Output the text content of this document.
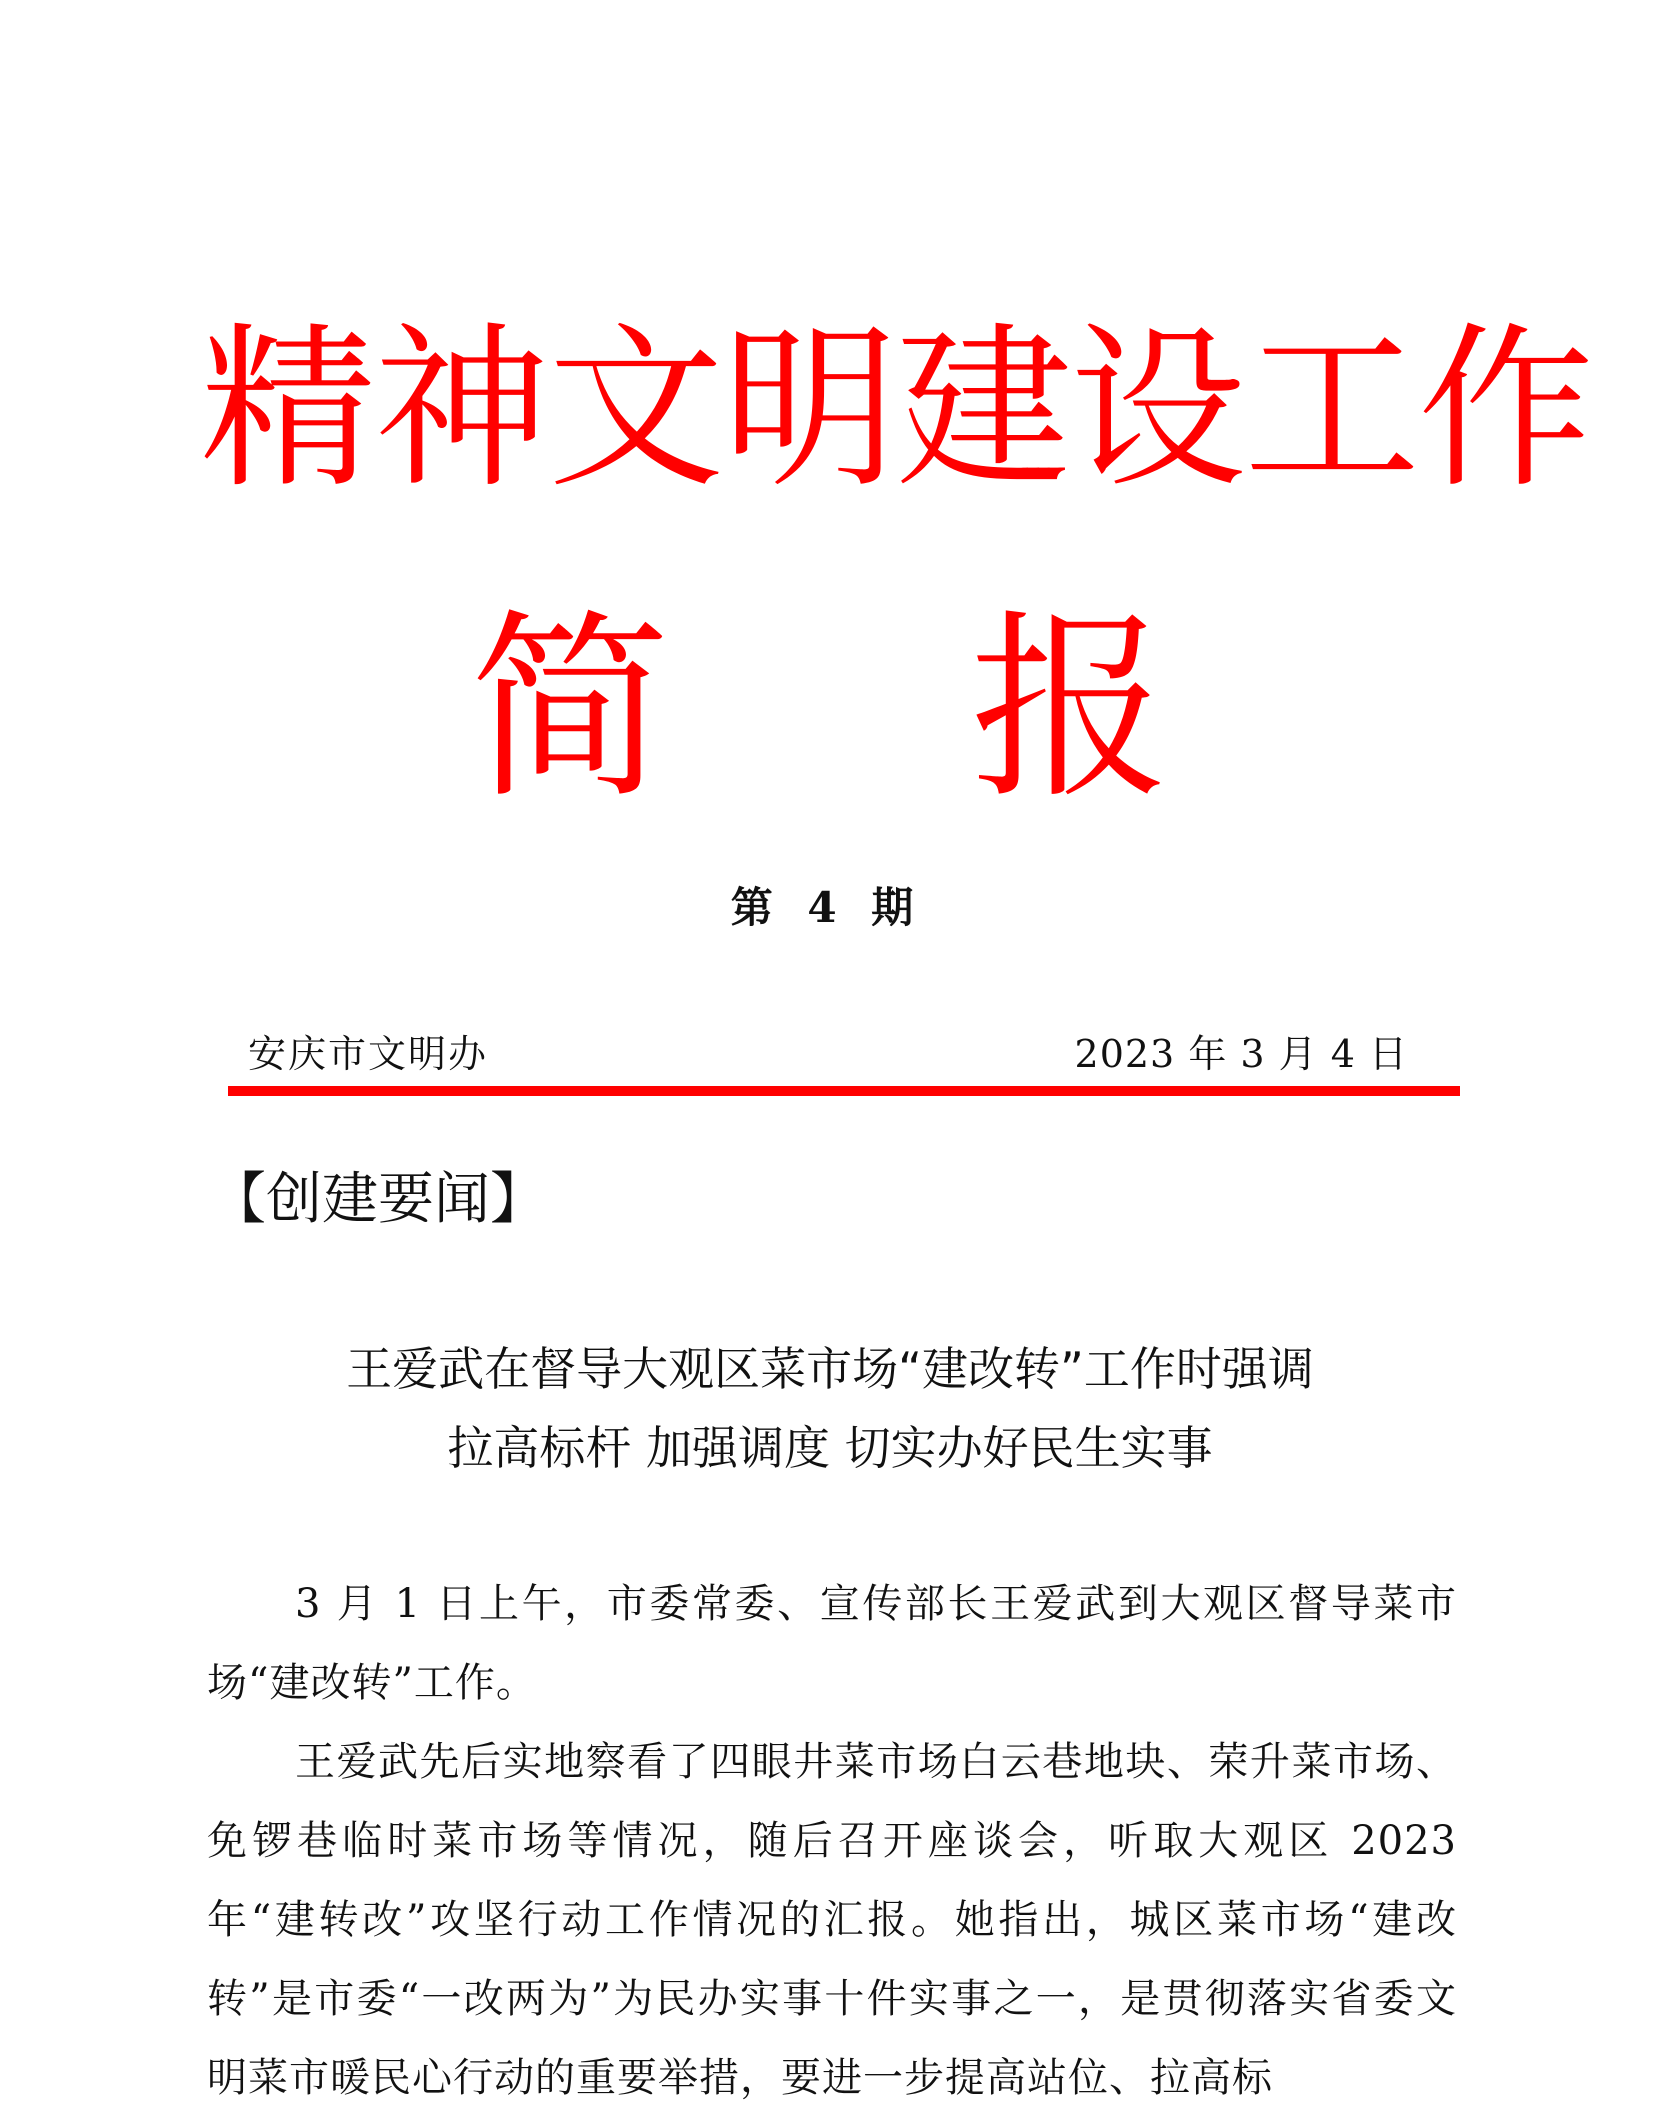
精神文明建设工作
简 报
第 4 期
安庆市文明办	2023 年 3 月 4 日
【创建要闻】
王爱武在督导大观区菜市场“建改转”工作时强调
拉高标杆 加强调度 切实办好民生实事

3 月 1 日上午，市委常委、宣传部长王爱武到大观区督导菜市场“建改转”工作。

王爱武先后实地察看了四眼井菜市场白云巷地块、荣升菜市场、免锣巷临时菜市场等情况，随后召开座谈会，听取大观区 2023 年“建转改”攻坚行动工作情况的汇报。她指出，城区菜市场“建改转”是市委“一改两为”为民办实事十件实事之一，是贯彻落实省委文明菜市暖民心行动的重要举措，要进一步提高站位、拉高标
